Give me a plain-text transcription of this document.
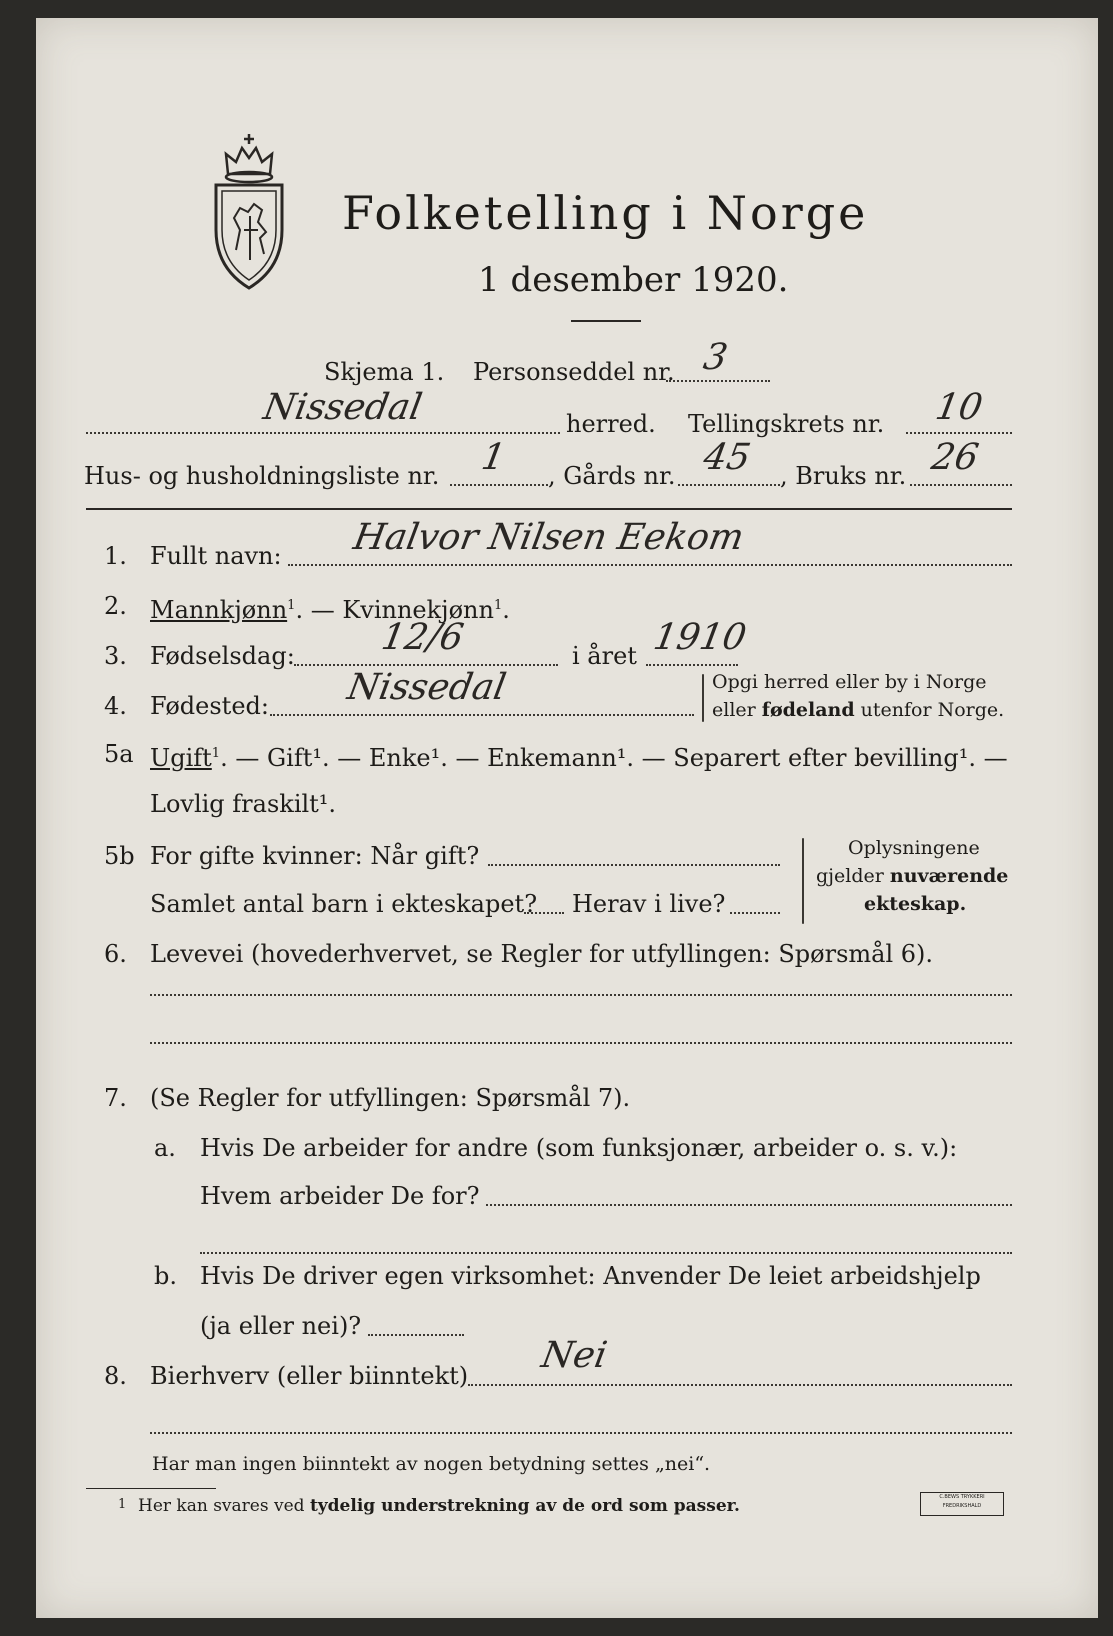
Folketelling i Norge
1 desember 1920.
Skjema 1. Personseddel nr. 3
Nissedal	herred. Tellingskrets nr. 10
Hus- og husholdningsliste nr. 1 , Gårds nr. 45 , Bruks nr. 26
1. Fullt navn: Halvor Nilsen Eekom
2. Mannkjønn$^1$. — Kvinnekjønn$^1$.
3. Fødselsdag: 12/6	i året 1910
4. Fødested: Nissedal	Opgi herred eller by i Norge
eller fødeland utenfor Norge.
5a Ugift$^1$. — Gift¹. — Enke¹. — Enkemann¹. — Separert efter bevilling¹. —
Lovlig fraskilt¹.
5b For gifte kvinner: Når gift?
Samlet antal barn i ekteskapet? Herav i live?
Oplysningene
gjelder nuværende
ekteskap.
6. Levevei (hovederhvervet, se Regler for utfyllingen: Spørsmål 6).
7. (Se Regler for utfyllingen: Spørsmål 7).
a. Hvis De arbeider for andre (som funksjonær, arbeider o. s. v.):
Hvem arbeider De for?
b. Hvis De driver egen virksomhet: Anvender De leiet arbeidshjelp
(ja eller nei)?
8. Bierhverv (eller biinntekt) Nei
Har man ingen biinntekt av nogen betydning settes „nei“.
1 Her kan svares ved tydelig understrekning av de ord som passer.	C.BEWS TRYKKERI FREDRIKSHALD
